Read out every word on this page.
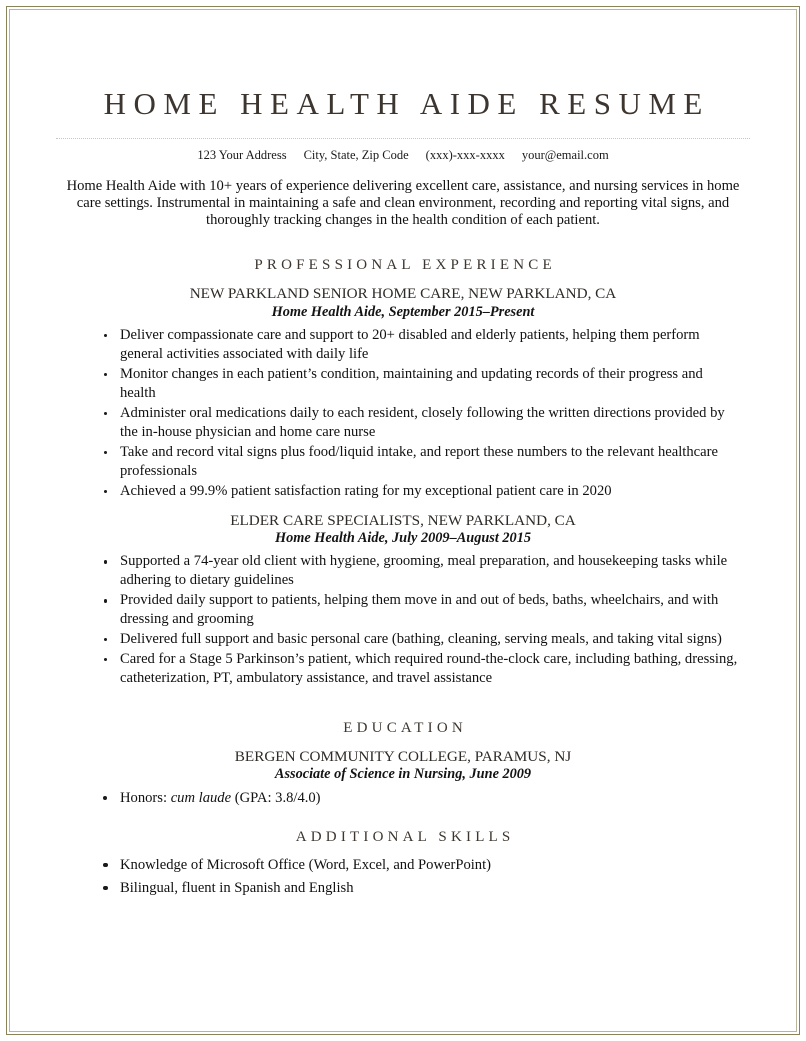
HOME HEALTH AIDE RESUME
123 Your Address City, State, Zip Code (xxx)-xxx-xxxx your@email.com
Home Health Aide with 10+ years of experience delivering excellent care, assistance, and nursing services in home care settings. Instrumental in maintaining a safe and clean environment, recording and reporting vital signs, and thoroughly tracking changes in the health condition of each patient.
PROFESSIONAL EXPERIENCE
NEW PARKLAND SENIOR HOME CARE, NEW PARKLAND, CA
Home Health Aide, September 2015–Present
Deliver compassionate care and support to 20+ disabled and elderly patients, helping them perform general activities associated with daily life
Monitor changes in each patient’s condition, maintaining and updating records of their progress and health
Administer oral medications daily to each resident, closely following the written directions provided by the in-house physician and home care nurse
Take and record vital signs plus food/liquid intake, and report these numbers to the relevant healthcare professionals
Achieved a 99.9% patient satisfaction rating for my exceptional patient care in 2020
ELDER CARE SPECIALISTS, NEW PARKLAND, CA
Home Health Aide, July 2009–August 2015
Supported a 74-year old client with hygiene, grooming, meal preparation, and housekeeping tasks while adhering to dietary guidelines
Provided daily support to patients, helping them move in and out of beds, baths, wheelchairs, and with dressing and grooming
Delivered full support and basic personal care (bathing, cleaning, serving meals, and taking vital signs)
Cared for a Stage 5 Parkinson’s patient, which required round-the-clock care, including bathing, dressing, catheterization, PT, ambulatory assistance, and travel assistance
EDUCATION
BERGEN COMMUNITY COLLEGE, PARAMUS, NJ
Associate of Science in Nursing, June 2009
Honors: cum laude (GPA: 3.8/4.0)
ADDITIONAL SKILLS
Knowledge of Microsoft Office (Word, Excel, and PowerPoint)
Bilingual, fluent in Spanish and English
